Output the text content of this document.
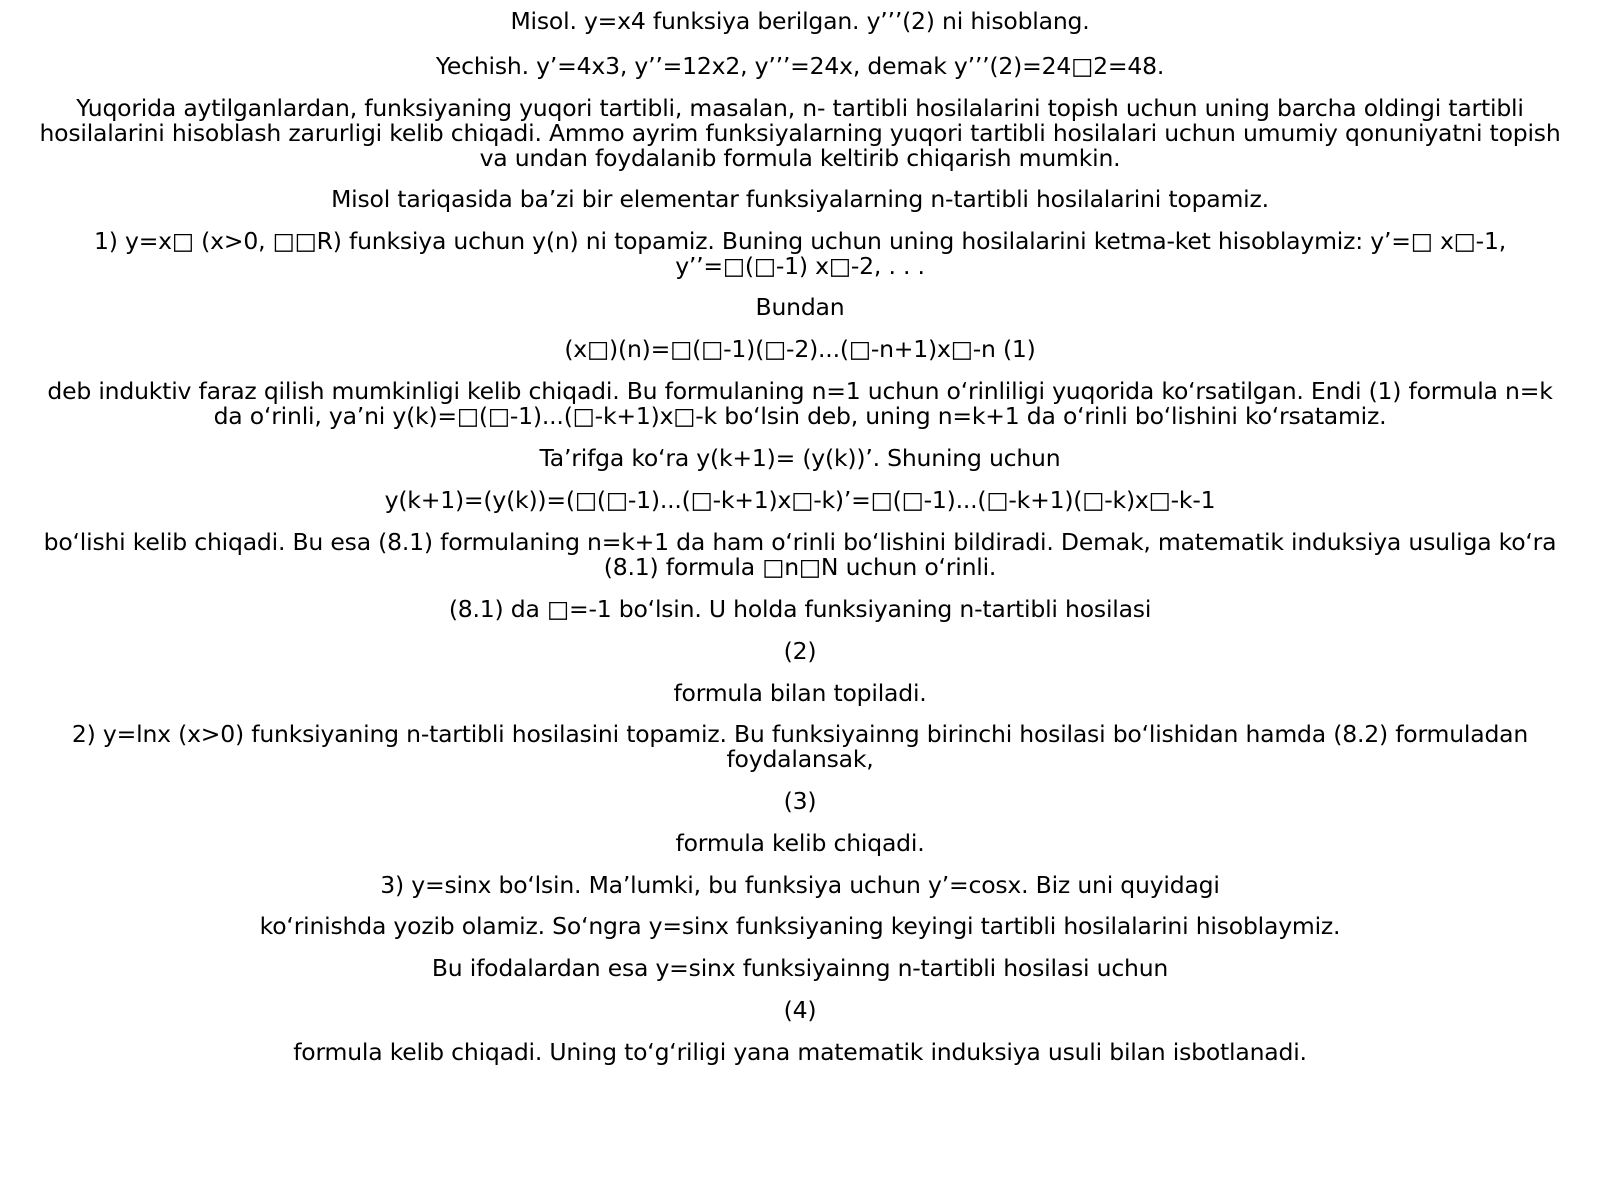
Misol. y=x4 funksiya berilgan. y’’’(2) ni hisoblang.
Yechish. y’=4x3, y’’=12x2, y’’’=24x, demak y’’’(2)=24□2=48.
Yuqorida aytilganlardan, funksiyaning yuqori tartibli, masalan, n- tartibli hosilalarini topish uchun uning barcha oldingi tartibli hosilalarini hisoblash zarurligi kelib chiqadi. Ammo ayrim funksiyalarning yuqori tartibli hosilalari uchun umumiy qonuniyatni topish va undan foydalanib formula keltirib chiqarish mumkin.
Misol tariqasida ba’zi bir elementar funksiyalarning n-tartibli hosilalarini topamiz.
1) y=x□ (x>0, □□R) funksiya uchun y(n) ni topamiz. Buning uchun uning hosilalarini ketma-ket hisoblaymiz: y’=□ x□-1, y’’=□(□-1) x□-2, . . .
Bundan
(x□)(n)=□(□-1)(□-2)...(□-n+1)x□-n (1)
deb induktiv faraz qilish mumkinligi kelib chiqadi. Bu formulaning n=1 uchun o‘rinliligi yuqorida ko‘rsatilgan. Endi (1) formula n=k da o‘rinli, ya’ni y(k)=□(□-1)...(□-k+1)x□-k bo‘lsin deb, uning n=k+1 da o‘rinli bo‘lishini ko‘rsatamiz.
Ta’rifga ko‘ra y(k+1)= (y(k))’. Shuning uchun
y(k+1)=(y(k))=(□(□-1)...(□-k+1)x□-k)’=□(□-1)...(□-k+1)(□-k)x□-k-1
bo‘lishi kelib chiqadi. Bu esa (8.1) formulaning n=k+1 da ham o‘rinli bo‘lishini bildiradi. Demak, matematik induksiya usuliga ko‘ra (8.1) formula □n□N uchun o‘rinli.
(8.1) da □=-1 bo‘lsin. U holda funksiyaning n-tartibli hosilasi
(2)
formula bilan topiladi.
2) y=lnx (x>0) funksiyaning n-tartibli hosilasini topamiz. Bu funksiyainng birinchi hosilasi bo‘lishidan hamda (8.2) formuladan foydalansak,
(3)
formula kelib chiqadi.
3) y=sinx bo‘lsin. Ma’lumki, bu funksiya uchun y’=cosx. Biz uni quyidagi
ko‘rinishda yozib olamiz. So‘ngra y=sinx funksiyaning keyingi tartibli hosilalarini hisoblaymiz.
Bu ifodalardan esa y=sinx funksiyainng n-tartibli hosilasi uchun
(4)
formula kelib chiqadi. Uning to‘g‘riligi yana matematik induksiya usuli bilan isbotlanadi.
